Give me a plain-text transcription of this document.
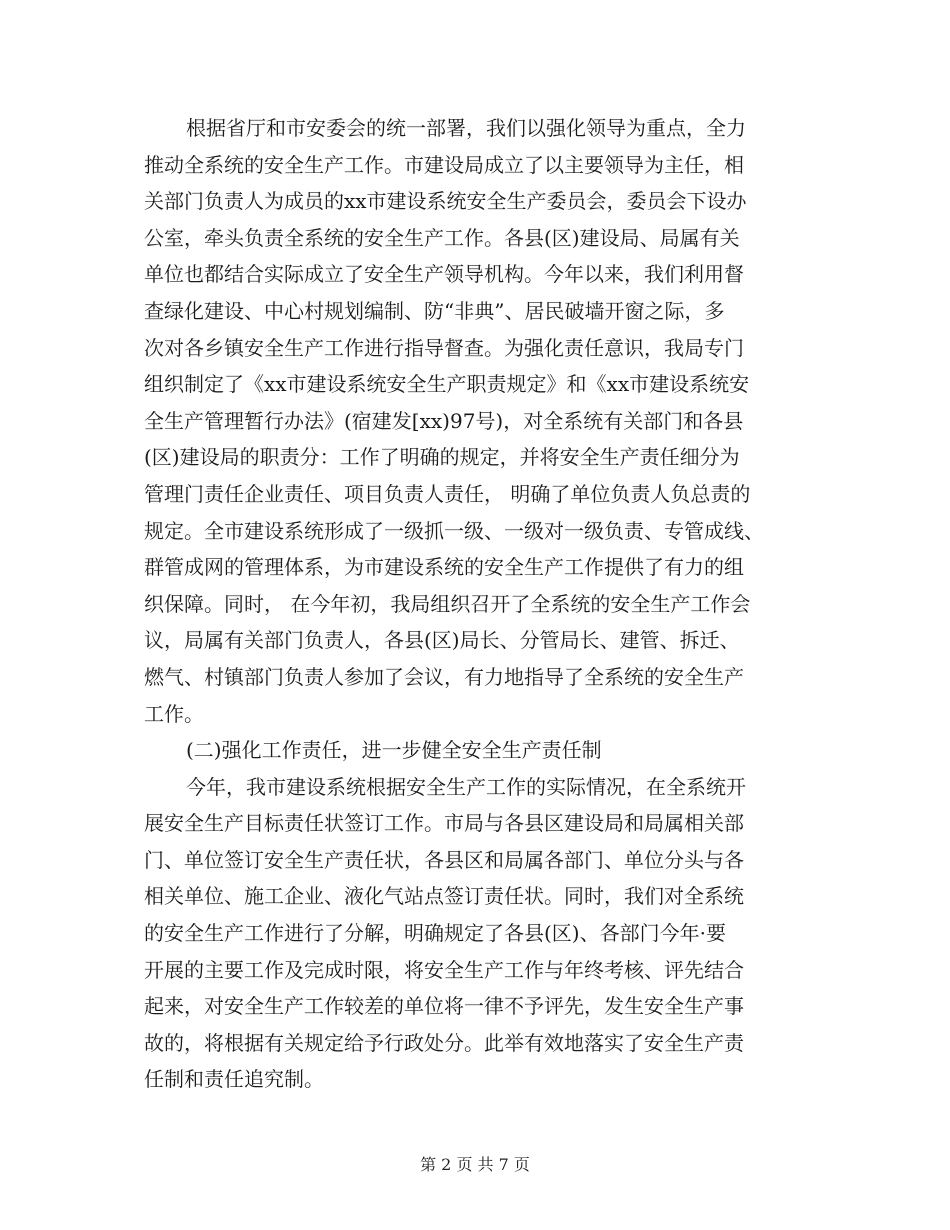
根据省厅和市安委会的统一部署，我们以强化领导为重点，全力
推动全系统的安全生产工作。市建设局成立了以主要领导为主任，相
关部门负责人为成员的xx市建设系统安全生产委员会，委员会下设办
公室，牵头负责全系统的安全生产工作。各县(区)建设局、局属有关
单位也都结合实际成立了安全生产领导机构。今年以来，我们利用督
查绿化建设、中心村规划编制、防“非典”、居民破墙开窗之际，多
次对各乡镇安全生产工作进行指导督查。为强化责任意识，我局专门
组织制定了《xx市建设系统安全生产职责规定》和《xx市建设系统安
全生产管理暂行办法》(宿建发[xx)97号)，对全系统有关部门和各县
(区)建设局的职责分：工作了明确的规定，并将安全生产责任细分为
管理门责任企业责任、项目负责人责任， 明确了单位负责人负总责的
规定。全市建设系统形成了一级抓一级、一级对一级负责、专管成线、
群管成网的管理体系，为市建设系统的安全生产工作提供了有力的组
织保障。同时， 在今年初，我局组织召开了全系统的安全生产工作会
议，局属有关部门负责人，各县(区)局长、分管局长、建管、拆迁、
燃气、村镇部门负责人参加了会议，有力地指导了全系统的安全生产
工作。
(二)强化工作责任，进一步健全安全生产责任制
今年，我市建设系统根据安全生产工作的实际情况，在全系统开
展安全生产目标责任状签订工作。市局与各县区建设局和局属相关部
门、单位签订安全生产责任状，各县区和局属各部门、单位分头与各
相关单位、施工企业、液化气站点签订责任状。同时，我们对全系统
的安全生产工作进行了分解，明确规定了各县(区)、各部门今年·要
开展的主要工作及完成时限，将安全生产工作与年终考核、评先结合
起来，对安全生产工作较差的单位将一律不予评先，发生安全生产事
故的，将根据有关规定给予行政处分。此举有效地落实了安全生产责
任制和责任追究制。
第 2 页 共 7 页
